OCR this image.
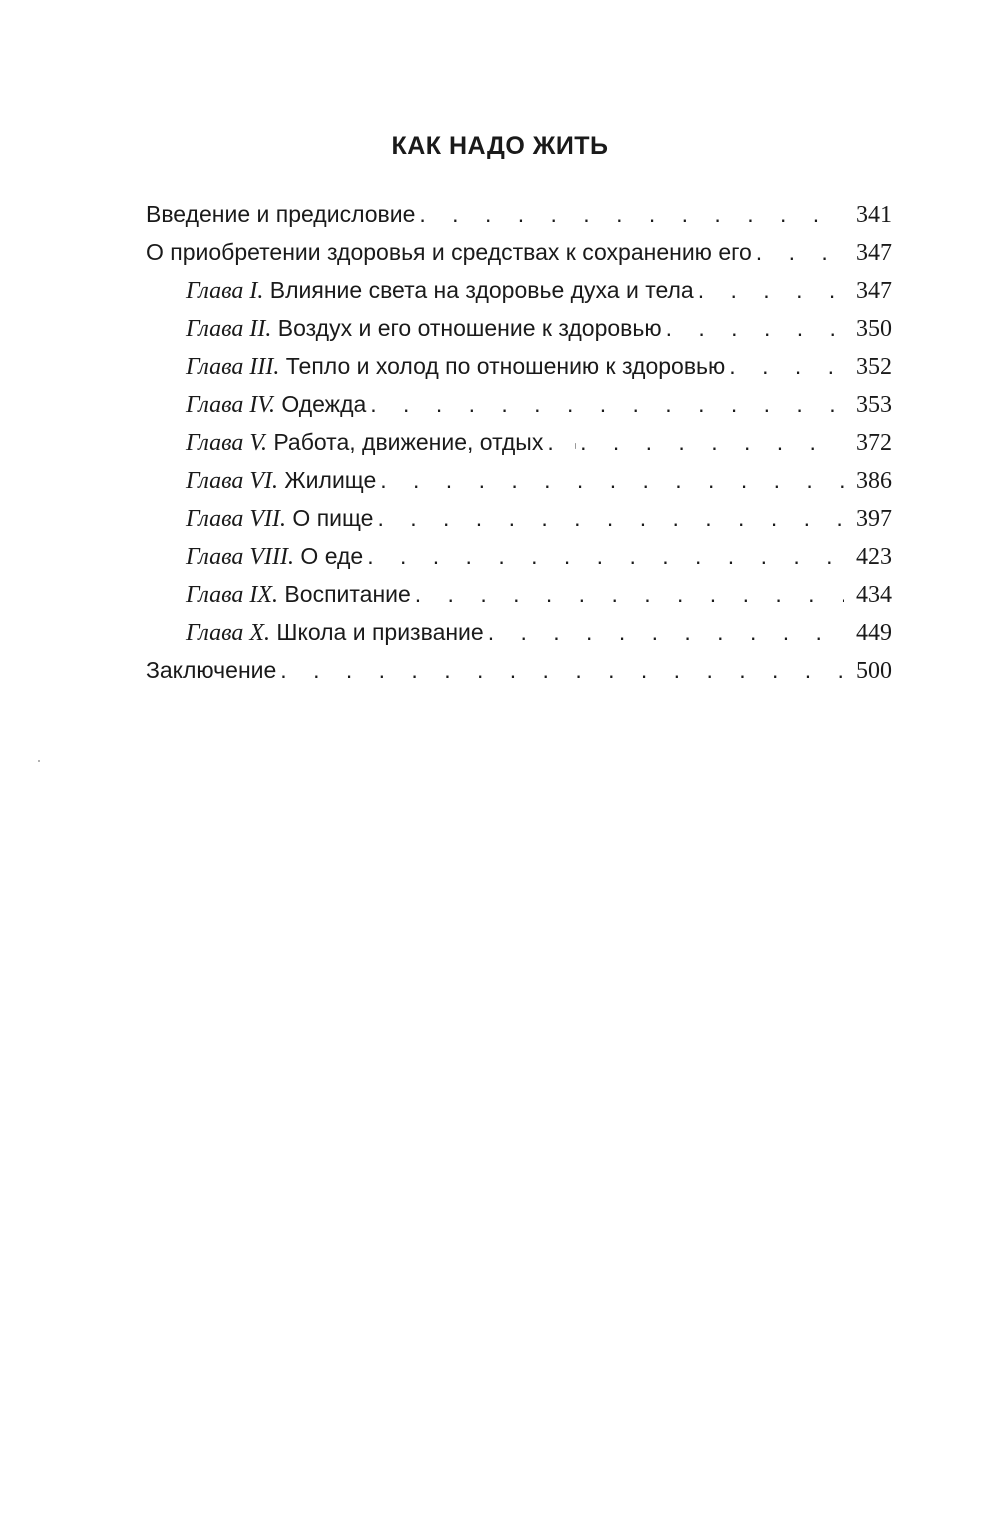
КАК НАДО ЖИТЬ
Введение и предисловие . . .	341
О приобретении здоровья и средствах к сохранению его . . .	347
Глава I. Влияние света на здоровье духа и тела . . .	347
Глава II. Воздух и его отношение к здоровью . . .	350
Глава III. Тепло и холод по отношению к здоровью . . .	352
Глава IV. Одежда . . .	353
Глава V. Работа, движение, отдых . . .	372
Глава VI. Жилище . . .	386
Глава VII. О пище . . .	397
Глава VIII. О еде . . .	423
Глава IX. Воспитание . . .	434
Глава X. Школа и призвание . . .	449
Заключение . . .	500
